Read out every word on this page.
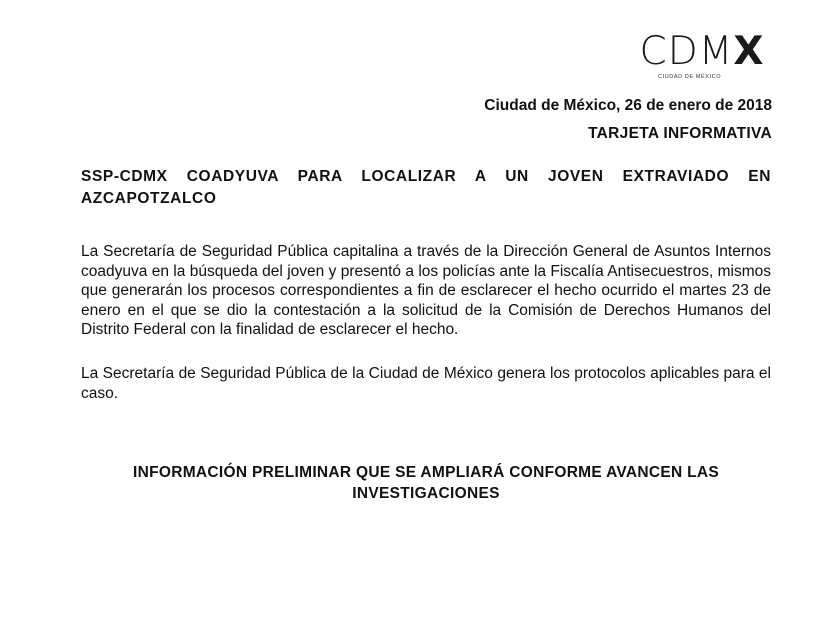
CDMX
CIUDAD DE MÉXICO
Ciudad de México, 26 de enero de 2018
TARJETA INFORMATIVA
SSP-CDMX COADYUVA PARA LOCALIZAR A UN JOVEN EXTRAVIADO EN AZCAPOTZALCO
La Secretaría de Seguridad Pública capitalina a través de la Dirección General de Asuntos Internos coadyuva en la búsqueda del joven y presentó a los policías ante la Fiscalía Antisecuestros, mismos que generarán los procesos correspondientes a fin de esclarecer el hecho ocurrido el martes 23 de enero en el que se dio la contestación a la solicitud de la Comisión de Derechos Humanos del Distrito Federal con la finalidad de esclarecer el hecho.
La Secretaría de Seguridad Pública de la Ciudad de México genera los protocolos aplicables para el caso.
INFORMACIÓN PRELIMINAR QUE SE AMPLIARÁ CONFORME AVANCEN LAS INVESTIGACIONES
